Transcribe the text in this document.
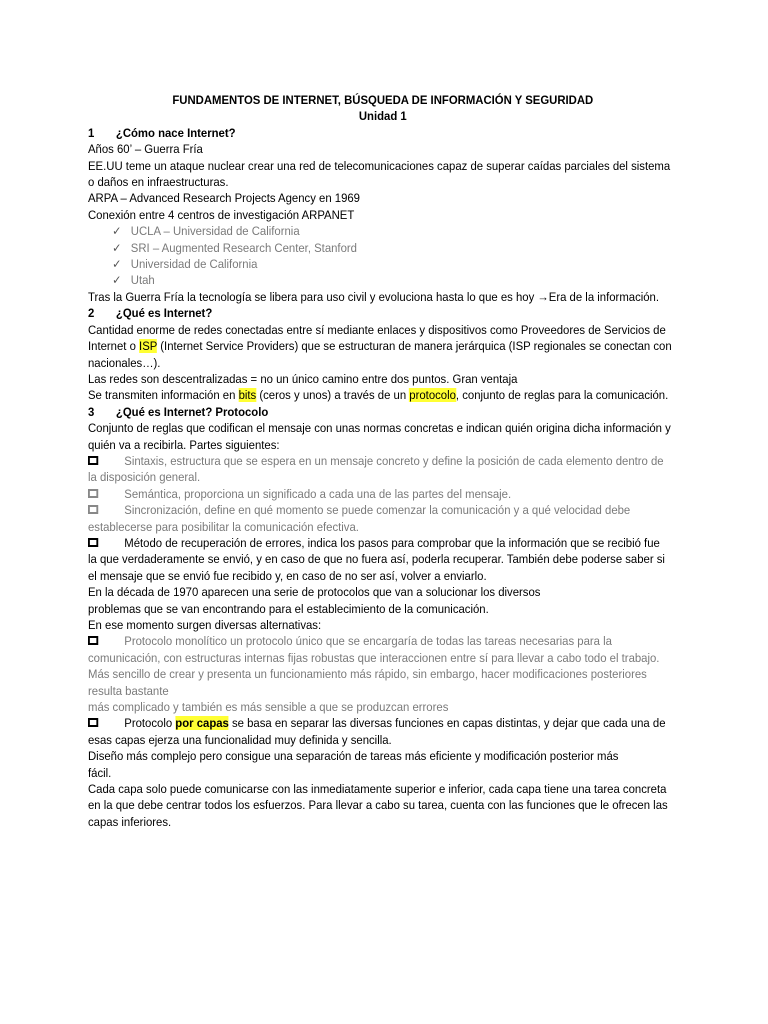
FUNDAMENTOS DE INTERNET, BÚSQUEDA DE INFORMACIÓN Y SEGURIDAD
Unidad 1
1 ¿Cómo nace Internet?
Años 60’ – Guerra Fría
EE.UU teme un ataque nuclear crear una red de telecomunicaciones capaz de superar caídas parciales del sistema
o daños en infraestructuras.
ARPA – Advanced Research Projects Agency en 1969
Conexión entre 4 centros de investigación ARPANET
✓ UCLA – Universidad de California
✓ SRI – Augmented Research Center, Stanford
✓ Universidad de California
✓ Utah
Tras la Guerra Fría la tecnología se libera para uso civil y evoluciona hasta lo que es hoy →Era de la información.
2 ¿Qué es Internet?
Cantidad enorme de redes conectadas entre sí mediante enlaces y dispositivos como Proveedores de Servicios de
Internet o ISP (Internet Service Providers) que se estructuran de manera jerárquica (ISP regionales se conectan con
nacionales…).
Las redes son descentralizadas = no un único camino entre dos puntos. Gran ventaja
Se transmiten información en bits (ceros y unos) a través de un protocolo, conjunto de reglas para la comunicación.
3 ¿Qué es Internet? Protocolo
Conjunto de reglas que codifican el mensaje con unas normas concretas e indican quién origina dicha información y
quién va a recibirla. Partes siguientes:
Sintaxis, estructura que se espera en un mensaje concreto y define la posición de cada elemento dentro de
la disposición general.
Semántica, proporciona un significado a cada una de las partes del mensaje.
Sincronización, define en qué momento se puede comenzar la comunicación y a qué velocidad debe
establecerse para posibilitar la comunicación efectiva.
Método de recuperación de errores, indica los pasos para comprobar que la información que se recibió fue
la que verdaderamente se envió, y en caso de que no fuera así, poderla recuperar. También debe poderse saber si
el mensaje que se envió fue recibido y, en caso de no ser así, volver a enviarlo.
En la década de 1970 aparecen una serie de protocolos que van a solucionar los diversos
problemas que se van encontrando para el establecimiento de la comunicación.
En ese momento surgen diversas alternativas:
Protocolo monolítico un protocolo único que se encargaría de todas las tareas necesarias para la
comunicación, con estructuras internas fijas robustas que interaccionen entre sí para llevar a cabo todo el trabajo.
Más sencillo de crear y presenta un funcionamiento más rápido, sin embargo, hacer modificaciones posteriores resulta bastante
más complicado y también es más sensible a que se produzcan errores
Protocolo por capas se basa en separar las diversas funciones en capas distintas, y dejar que cada una de
esas capas ejerza una funcionalidad muy definida y sencilla.
Diseño más complejo pero consigue una separación de tareas más eficiente y modificación posterior más
fácil.
Cada capa solo puede comunicarse con las inmediatamente superior e inferior, cada capa tiene una tarea concreta
en la que debe centrar todos los esfuerzos. Para llevar a cabo su tarea, cuenta con las funciones que le ofrecen las
capas inferiores.
